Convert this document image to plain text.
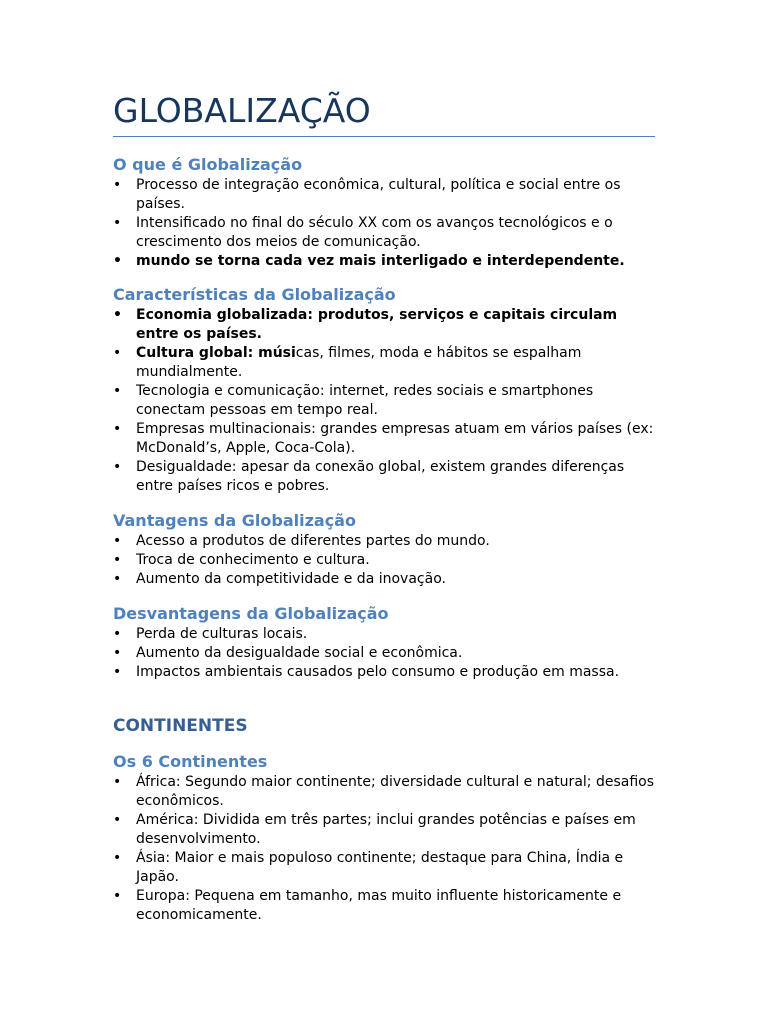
GLOBALIZAÇÃO
O que é Globalização
• Processo de integração econômica, cultural, política e social entre os países.
• Intensificado no final do século XX com os avanços tecnológicos e o crescimento dos meios de comunicação.
• mundo se torna cada vez mais interligado e interdependente.
Características da Globalização
• Economia globalizada: produtos, serviços e capitais circulam entre os países.
• Cultura global: músicas, filmes, moda e hábitos se espalham mundialmente.
• Tecnologia e comunicação: internet, redes sociais e smartphones conectam pessoas em tempo real.
• Empresas multinacionais: grandes empresas atuam em vários países (ex: McDonald’s, Apple, Coca-Cola).
• Desigualdade: apesar da conexão global, existem grandes diferenças entre países ricos e pobres.
Vantagens da Globalização
• Acesso a produtos de diferentes partes do mundo.
• Troca de conhecimento e cultura.
• Aumento da competitividade e da inovação.
Desvantagens da Globalização
• Perda de culturas locais.
• Aumento da desigualdade social e econômica.
• Impactos ambientais causados pelo consumo e produção em massa.
CONTINENTES
Os 6 Continentes
• África: Segundo maior continente; diversidade cultural e natural; desafios econômicos.
• América: Dividida em três partes; inclui grandes potências e países em desenvolvimento.
• Ásia: Maior e mais populoso continente; destaque para China, Índia e Japão.
• Europa: Pequena em tamanho, mas muito influente historicamente e economicamente.
